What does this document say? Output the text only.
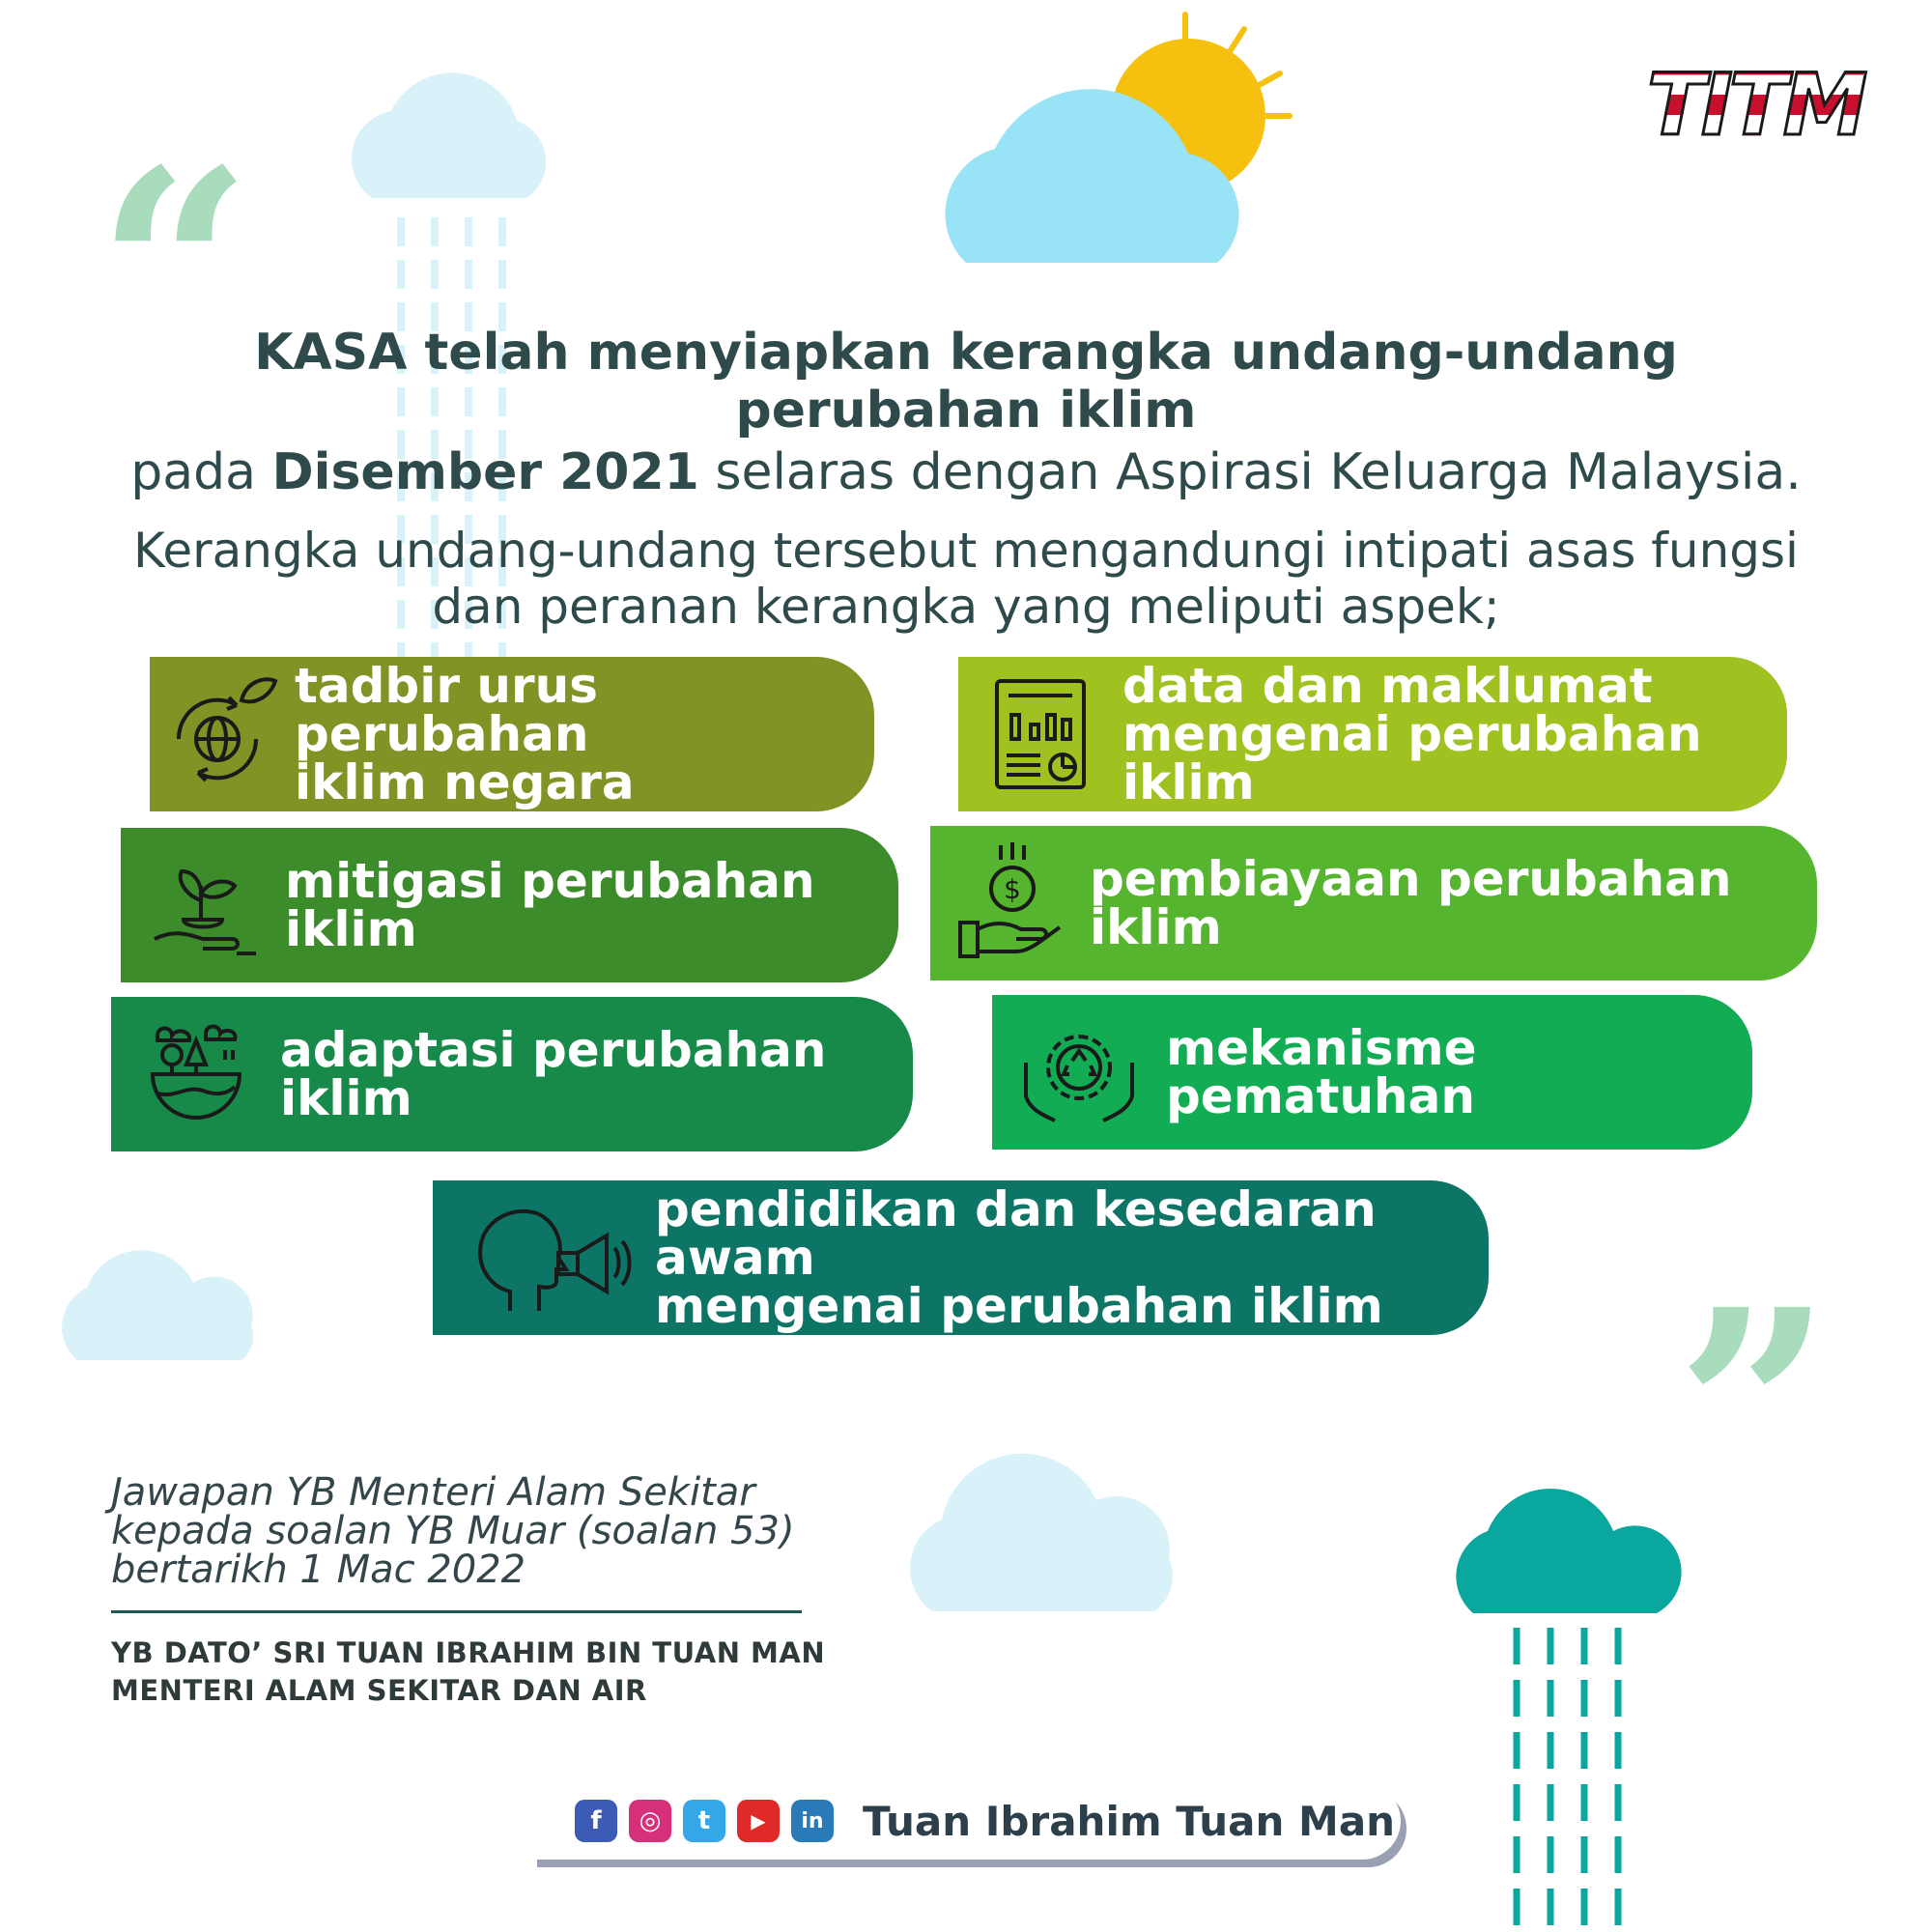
“
”
TITM

KASA telah menyiapkan kerangka undang-undang perubahan iklim

pada Disember 2021 selaras dengan Aspirasi Keluarga Malaysia.

Kerangka undang-undang tersebut mengandungi intipati asas fungsi

dan peranan kerangka yang meliputi aspek;

tadbir urus perubahan
iklim negara
data dan maklumat
mengenai perubahan iklim
mitigasi perubahan iklim
$ pembiayaan perubahan iklim
adaptasi perubahan iklim
mekanisme pematuhan
pendidikan dan kesedaran awam
mengenai perubahan iklim
Jawapan YB Menteri Alam Sekitar
kepada soalan YB Muar (soalan 53)
bertarikh 1 Mac 2022
YB DATO’ SRI TUAN IBRAHIM BIN TUAN MAN
MENTERI ALAM SEKITAR DAN AIR
f	◎	t	▶	in Tuan Ibrahim Tuan Man
